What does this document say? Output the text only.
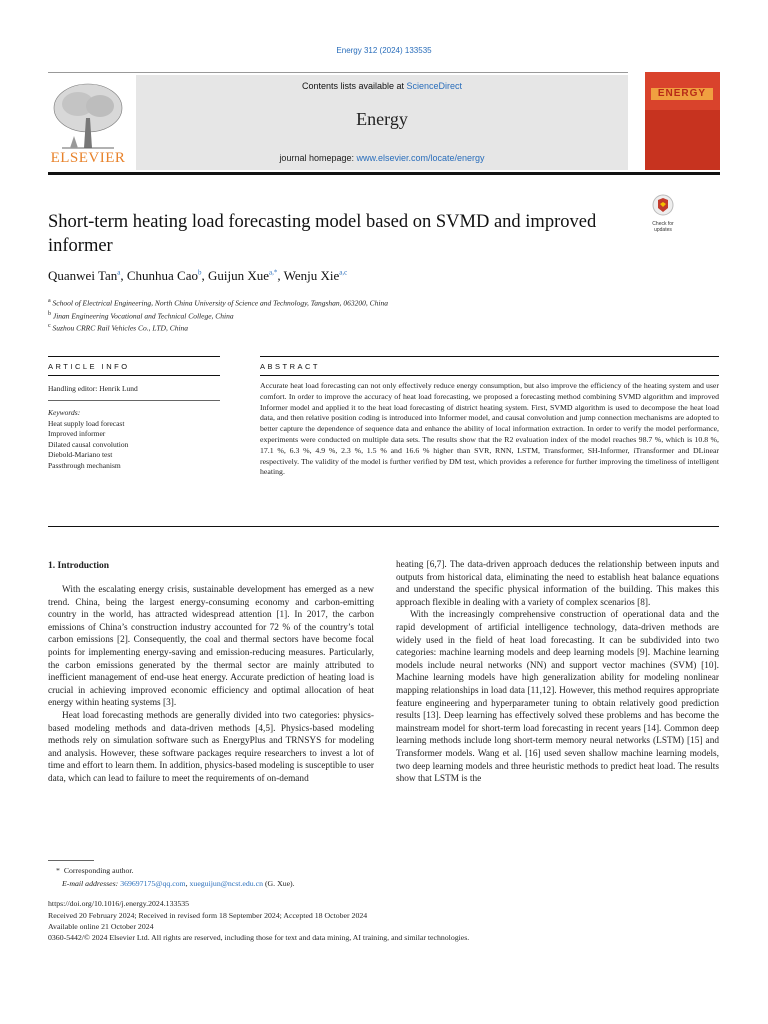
Energy 312 (2024) 133535
ELSEVIER
Contents lists available at ScienceDirect
Energy
journal homepage: www.elsevier.com/locate/energy
ENERGY
Short-term heating load forecasting model based on SVMD and improved informer
Check for
updates
Quanwei Tan$^a$, Chunhua Cao$^b$, Guijun Xue$^{a,*}$, Wenju Xie$^{a,c}$
$^a$ School of Electrical Engineering, North China University of Science and Technology, Tangshan, 063200, China
$^b$ Jinan Engineering Vocational and Technical College, China
$^c$ Suzhou CRRC Rail Vehicles Co., LTD, China
ARTICLE INFO
Handling editor: Henrik Lund
Keywords:
Heat supply load forecast
Improved informer
Dilated causal convolution
Diebold-Mariano test
Passthrough mechanism
ABSTRACT
Accurate heat load forecasting can not only effectively reduce energy consumption, but also improve the efficiency of the heating system and user comfort. In order to improve the accuracy of heat load forecasting, we proposed a forecasting method combining SVMD algorithm and improved Informer model and applied it to the heat load forecasting of district heating system. First, SVMD algorithm is used to decompose the heat load data, and then relative position coding is introduced into Informer model, and causal convolution and jump connection mechanisms are adopted to better capture the dependence of sequence data and enhance the ability of local information extraction. In order to verify the model performance, experiments were conducted on multiple data sets. The results show that the R2 evaluation index of the model reaches 98.7 %, which is 10.8 %, 17.1 %, 6.3 %, 4.9 %, 2.3 %, 1.5 % and 16.6 % higher than SVR, RNN, LSTM, Transformer, SH-Informer, iTransformer and DLinear respectively. The validity of the model is further verified by DM test, which provides a reference for further improving the timeliness of intelligent heating.
1. Introduction

With the escalating energy crisis, sustainable development has emerged as a new trend. China, being the largest energy-consuming economy and carbon-emitting country in the world, has attracted widespread attention [1]. In 2017, the carbon emissions of China’s construction industry accounted for 72 % of the country’s total carbon emissions [2]. Consequently, the coal and thermal sectors have become focal points for implementing energy-saving and emission-reducing measures. Particularly, the carbon emissions generated by the thermal sector are mainly attributed to inefficient management of end-use heat energy. Accurate prediction of heating load is crucial in achieving improved economic efficiency and optimal allocation of heat energy within heating systems [3].

Heat load forecasting methods are generally divided into two categories: physics-based modeling methods and data-driven methods [4,5]. Physics-based modeling methods rely on simulation software such as EnergyPlus and TRNSYS for modeling and analysis. However, these software packages require researchers to invest a lot of time and effort to learn them. In addition, physics-based modeling is susceptible to user data, which can lead to failure to meet the requirements of on-demand

heating [6,7]. The data-driven approach deduces the relationship between inputs and outputs from historical data, eliminating the need to establish heat balance equations and understand the specific physical information of the building. This makes this approach flexible in dealing with a variety of complex scenarios [8].

With the increasingly comprehensive construction of operational data and the rapid development of artificial intelligence technology, data-driven methods are widely used in the field of heat load forecasting. It can be subdivided into two categories: machine learning models and deep learning models [9]. Machine learning models include neural networks (NN) and support vector machines (SVM) [10]. Machine learning models have high generalization ability for modeling nonlinear mapping relationships in load data [11,12]. However, this method requires appropriate feature engineering and hyperparameter tuning to obtain relatively good prediction results [13]. Deep learning has effectively solved these problems and has become the mainstream model for short-term load forecasting in recent years [14]. Common deep learning methods include long short-term memory neural networks (LSTM) [15] and Transformer models. Wang et al. [16] used seven shallow machine learning models, two deep learning models and three heuristic methods to predict heat load. The results show that LSTM is the

* Corresponding author.
E-mail addresses: 369697175@qq.com, xueguijun@ncst.edu.cn (G. Xue).
https://doi.org/10.1016/j.energy.2024.133535
Received 20 February 2024; Received in revised form 18 September 2024; Accepted 18 October 2024
Available online 21 October 2024
0360-5442/© 2024 Elsevier Ltd. All rights are reserved, including those for text and data mining, AI training, and similar technologies.
